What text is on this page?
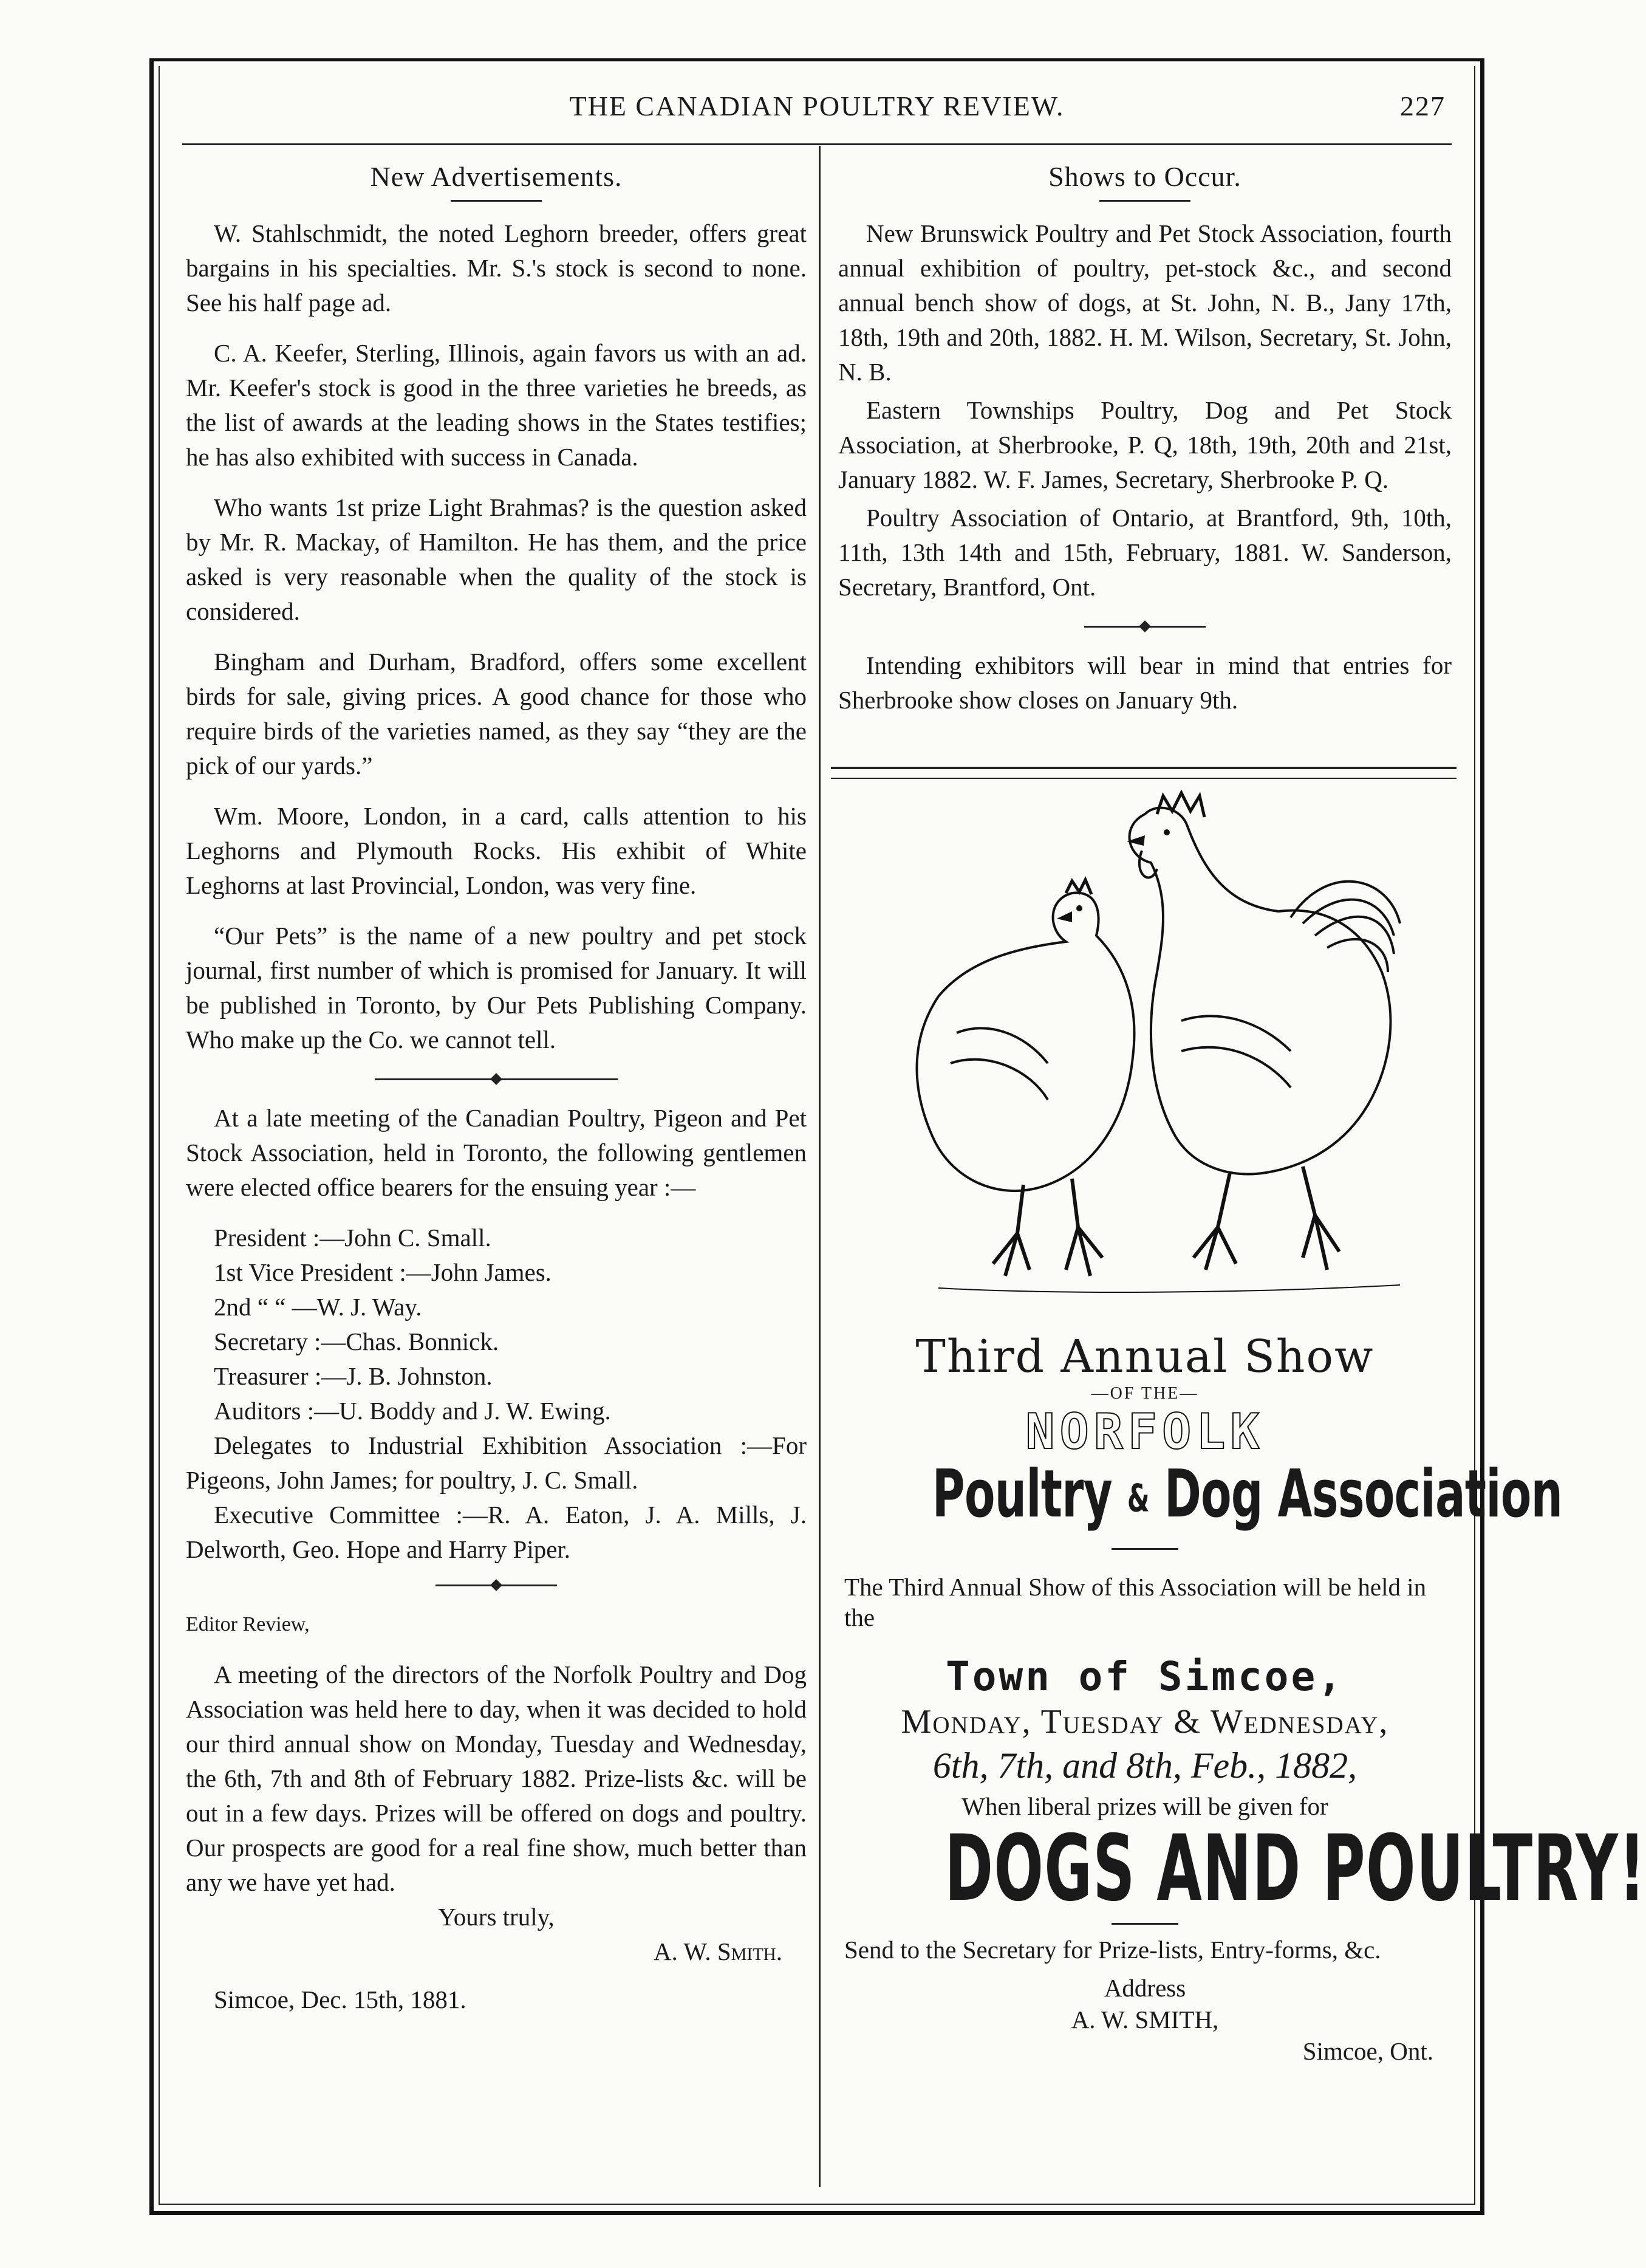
THE CANADIAN POULTRY REVIEW.	227
New Advertisements.

W. Stahlschmidt, the noted Leghorn breeder, offers great bargains in his specialties. Mr. S.'s stock is second to none. See his half page ad.

C. A. Keefer, Sterling, Illinois, again favors us with an ad. Mr. Keefer's stock is good in the three varieties he breeds, as the list of awards at the leading shows in the States testifies; he has also exhibited with success in Canada.

Who wants 1st prize Light Brahmas? is the question asked by Mr. R. Mackay, of Hamilton. He has them, and the price asked is very reasonable when the quality of the stock is considered.

Bingham and Durham, Bradford, offers some excellent birds for sale, giving prices. A good chance for those who require birds of the varieties named, as they say “they are the pick of our yards.”

Wm. Moore, London, in a card, calls attention to his Leghorns and Plymouth Rocks. His exhibit of White Leghorns at last Provincial, London, was very fine.

“Our Pets” is the name of a new poultry and pet stock journal, first number of which is promised for January. It will be published in Toronto, by Our Pets Publishing Company. Who make up the Co. we cannot tell.

At a late meeting of the Canadian Poultry, Pigeon and Pet Stock Association, held in Toronto, the following gentlemen were elected office bearers for the ensuing year :—

President :—John C. Small.

1st Vice President :—John James.

2nd “ “ —W. J. Way.

Secretary :—Chas. Bonnick.

Treasurer :—J. B. Johnston.

Auditors :—U. Boddy and J. W. Ewing.

Delegates to Industrial Exhibition Association :—For Pigeons, John James; for poultry, J. C. Small.

Executive Committee :—R. A. Eaton, J. A. Mills, J. Delworth, Geo. Hope and Harry Piper.

Editor Review,

A meeting of the directors of the Norfolk Poultry and Dog Association was held here to day, when it was decided to hold our third annual show on Monday, Tuesday and Wednesday, the 6th, 7th and 8th of February 1882. Prize-lists &c. will be out in a few days. Prizes will be offered on dogs and poultry. Our prospects are good for a real fine show, much better than any we have yet had.

Yours truly,
A. W. Smith.
Simcoe, Dec. 15th, 1881.
Shows to Occur.

New Brunswick Poultry and Pet Stock Association, fourth annual exhibition of poultry, pet-stock &c., and second annual bench show of dogs, at St. John, N. B., Jany 17th, 18th, 19th and 20th, 1882. H. M. Wilson, Secretary, St. John, N. B.

Eastern Townships Poultry, Dog and Pet Stock Association, at Sherbrooke, P. Q, 18th, 19th, 20th and 21st, January 1882. W. F. James, Secretary, Sherbrooke P. Q.

Poultry Association of Ontario, at Brantford, 9th, 10th, 11th, 13th 14th and 15th, February, 1881. W. Sanderson, Secretary, Brantford, Ont.

Intending exhibitors will bear in mind that entries for Sherbrooke show closes on January 9th.

Third Annual Show
—OF THE—
NORFOLK
Poultry & Dog Association
The Third Annual Show of this Association will be held in the
Town of Simcoe,
Monday, Tuesday & Wednesday,
6th, 7th, and 8th, Feb., 1882,
When liberal prizes will be given for
DOGS AND POULTRY!
Send to the Secretary for Prize-lists, Entry-forms, &c.
Address
A. W. SMITH,
Simcoe, Ont.
